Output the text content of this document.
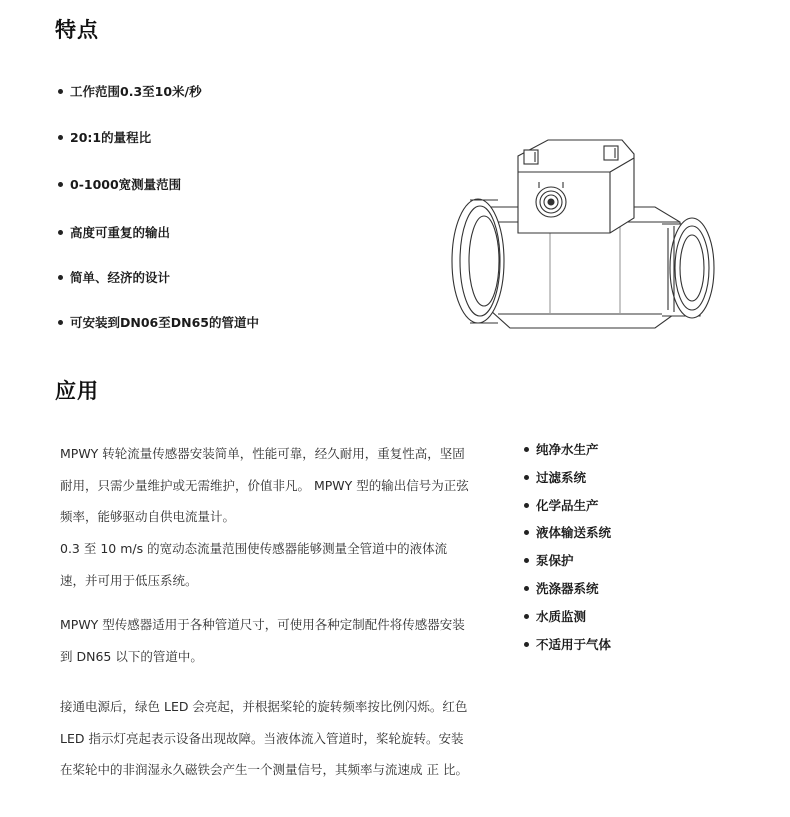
特点
工作范围0.3至10米/秒
20:1的量程比
0-1000宽测量范围
高度可重复的输出
简单、经济的设计
可安装到DN06至DN65的管道中
应用

MPWY 转轮流量传感器安装简单，性能可靠，经久耐用，重复性高，坚固耐用，只需少量维护或无需维护，价值非凡。 MPWY 型的输出信号为正弦频率，能够驱动自供电流量计。

0.3 至 10 m/s 的宽动态流量范围使传感器能够测量全管道中的液体流速，并可用于低压系统。

MPWY 型传感器适用于各种管道尺寸，可使用各种定制配件将传感器安装到 DN65 以下的管道中。

接通电源后，绿色 LED 会亮起，并根据桨轮的旋转频率按比例闪烁。红色 LED 指示灯亮起表示设备出现故障。当液体流入管道时，桨轮旋转。安装在桨轮中的非润湿永久磁铁会产生一个测量信号，其频率与流速成 正 比。

纯净水生产
过滤系统
化学品生产
液体输送系统
泵保护
洗涤器系统
水质监测
不适用于气体
